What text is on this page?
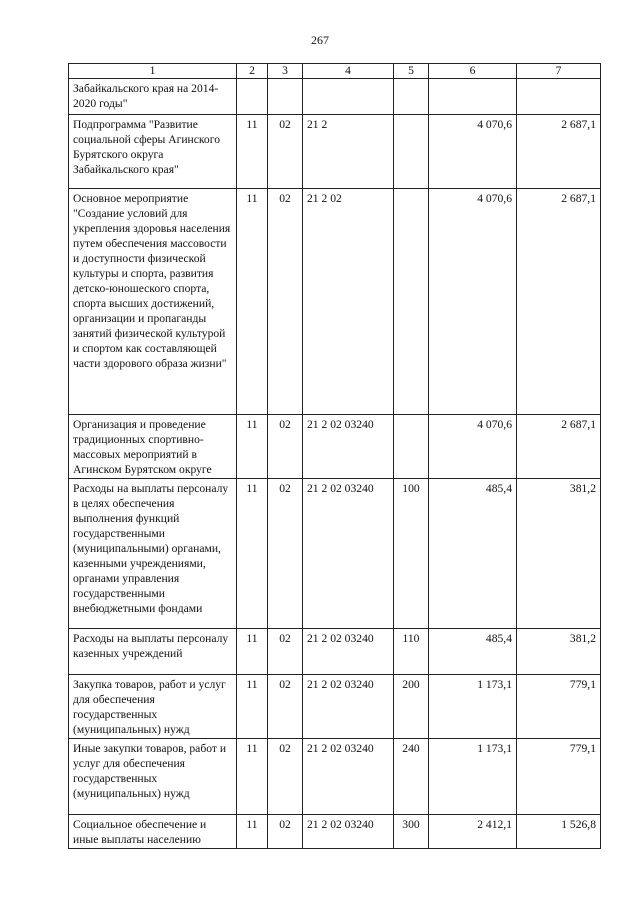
267
1	2	3	4	5	6	7
Забайкальского края на 2014-2020 годы"						
Подпрограмма "Развитие социальной сферы Агинского Бурятского округа Забайкальского края"	11	02	21 2		4 070,6	2 687,1
Основное мероприятие "Создание условий для укрепления здоровья населения путем обеспечения массовости и доступности физической культуры и спорта, развития детско-юношеского спорта, спорта высших достижений, организации и пропаганды занятий физической культурой и спортом как составляющей части здорового образа жизни"	11	02	21 2 02		4 070,6	2 687,1
Организация и проведение традиционных спортивно-массовых мероприятий в Агинском Бурятском округе	11	02	21 2 02 03240		4 070,6	2 687,1
Расходы на выплаты персоналу в целях обеспечения выполнения функций государственными (муниципальными) органами, казенными учреждениями, органами управления государственными внебюджетными фондами	11	02	21 2 02 03240	100	485,4	381,2
Расходы на выплаты персоналу казенных учреждений	11	02	21 2 02 03240	110	485,4	381,2
Закупка товаров, работ и услуг для обеспечения государственных (муниципальных) нужд	11	02	21 2 02 03240	200	1 173,1	779,1
Иные закупки товаров, работ и услуг для обеспечения государственных (муниципальных) нужд	11	02	21 2 02 03240	240	1 173,1	779,1
Социальное обеспечение и иные выплаты населению	11	02	21 2 02 03240	300	2 412,1	1 526,8
